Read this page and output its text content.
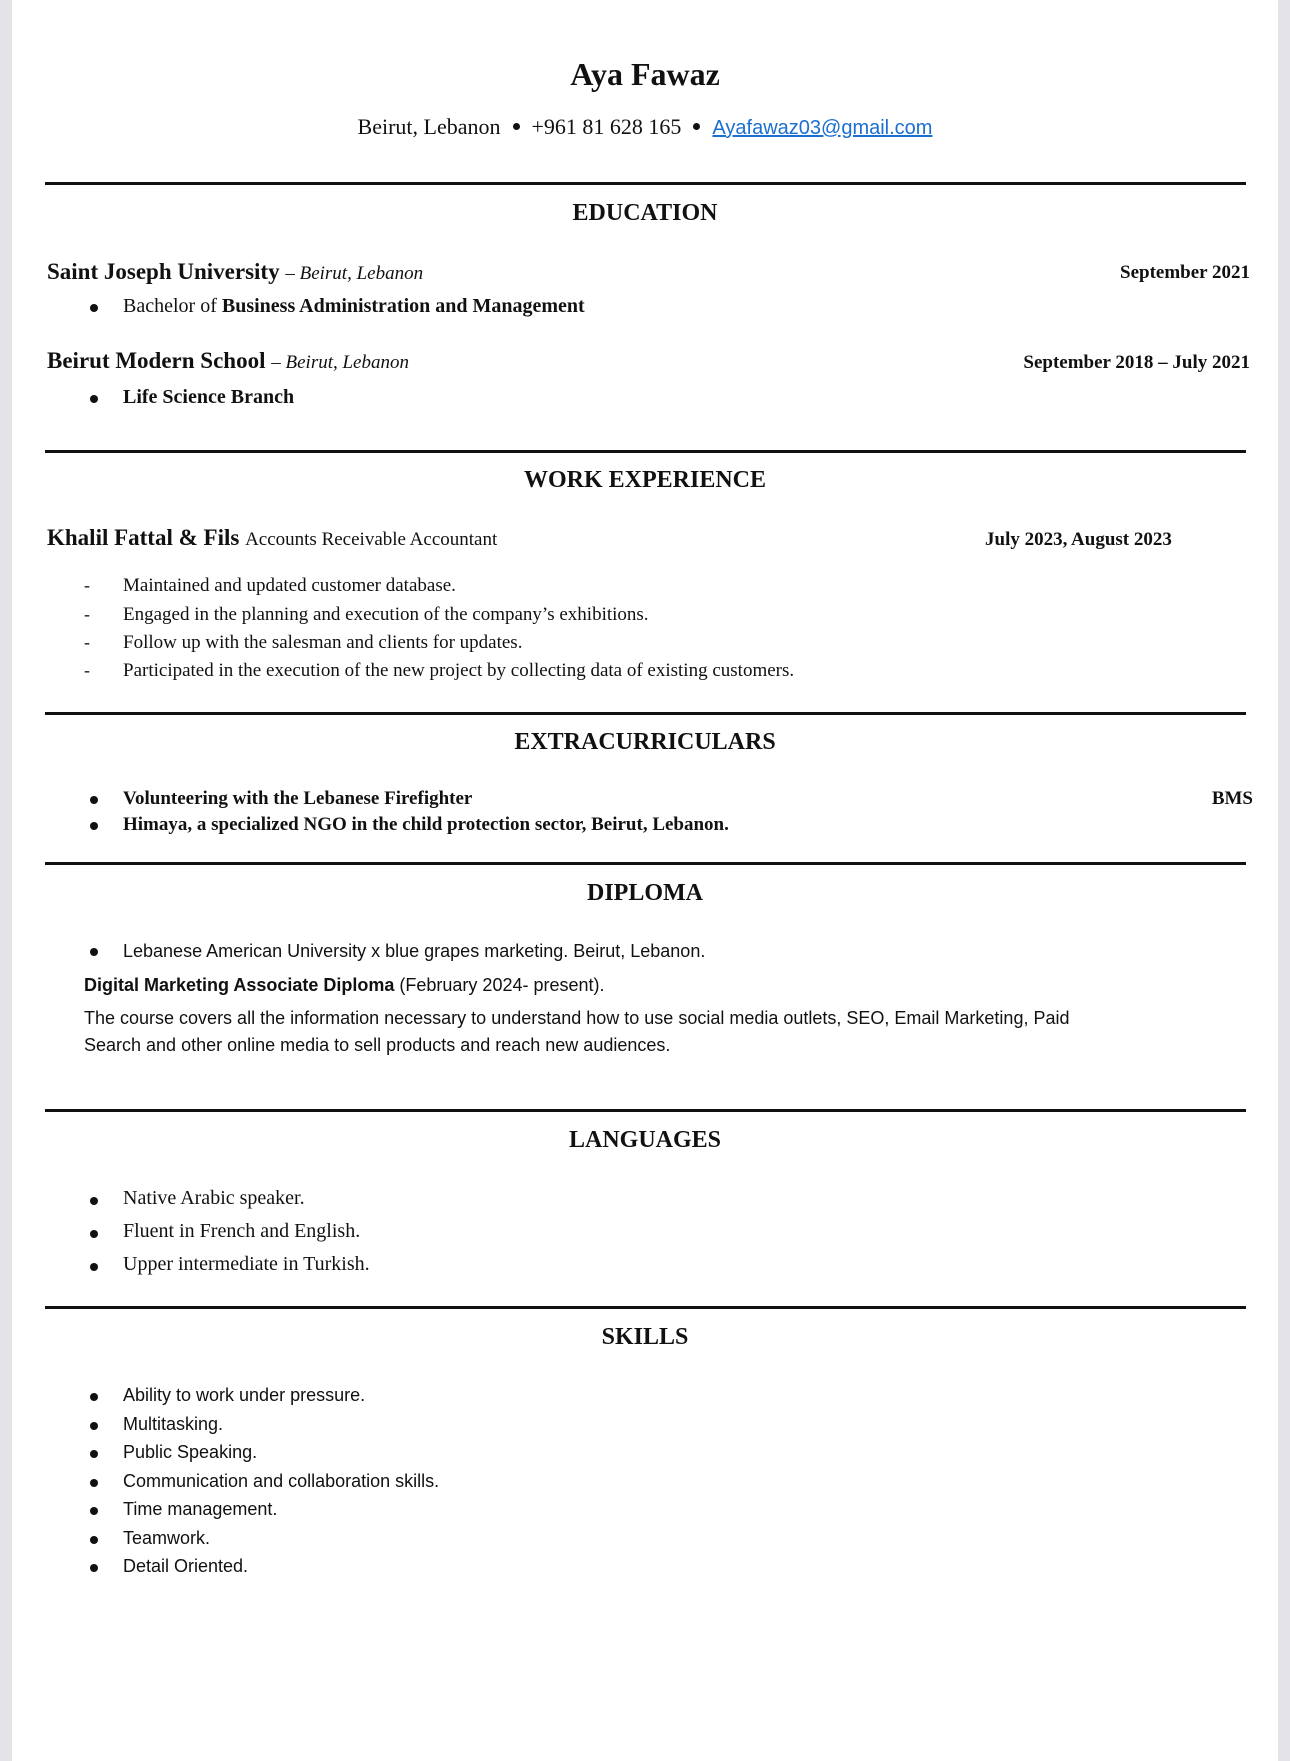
Aya Fawaz
Beirut, Lebanon +961 81 628 165 Ayafawaz03@gmail.com
EDUCATION
Saint Joseph University – Beirut, Lebanon	September 2021
Bachelor of Business Administration and Management
Beirut Modern School – Beirut, Lebanon	September 2018 – July 2021
Life Science Branch
WORK EXPERIENCE
Khalil Fattal & Fils Accounts Receivable Accountant	July 2023, August 2023
- Maintained and updated customer database.
- Engaged in the planning and execution of the company’s exhibitions.
- Follow up with the salesman and clients for updates.
- Participated in the execution of the new project by collecting data of existing customers.
EXTRACURRICULARS
Volunteering with the Lebanese Firefighter	BMS
Himaya, a specialized NGO in the child protection sector, Beirut, Lebanon.
DIPLOMA
Lebanese American University x blue grapes marketing. Beirut, Lebanon.
Digital Marketing Associate Diploma (February 2024- present).
The course covers all the information necessary to understand how to use social media outlets, SEO, Email Marketing, Paid
Search and other online media to sell products and reach new audiences.
LANGUAGES
Native Arabic speaker.
Fluent in French and English.
Upper intermediate in Turkish.
SKILLS
Ability to work under pressure.
Multitasking.
Public Speaking.
Communication and collaboration skills.
Time management.
Teamwork.
Detail Oriented.
